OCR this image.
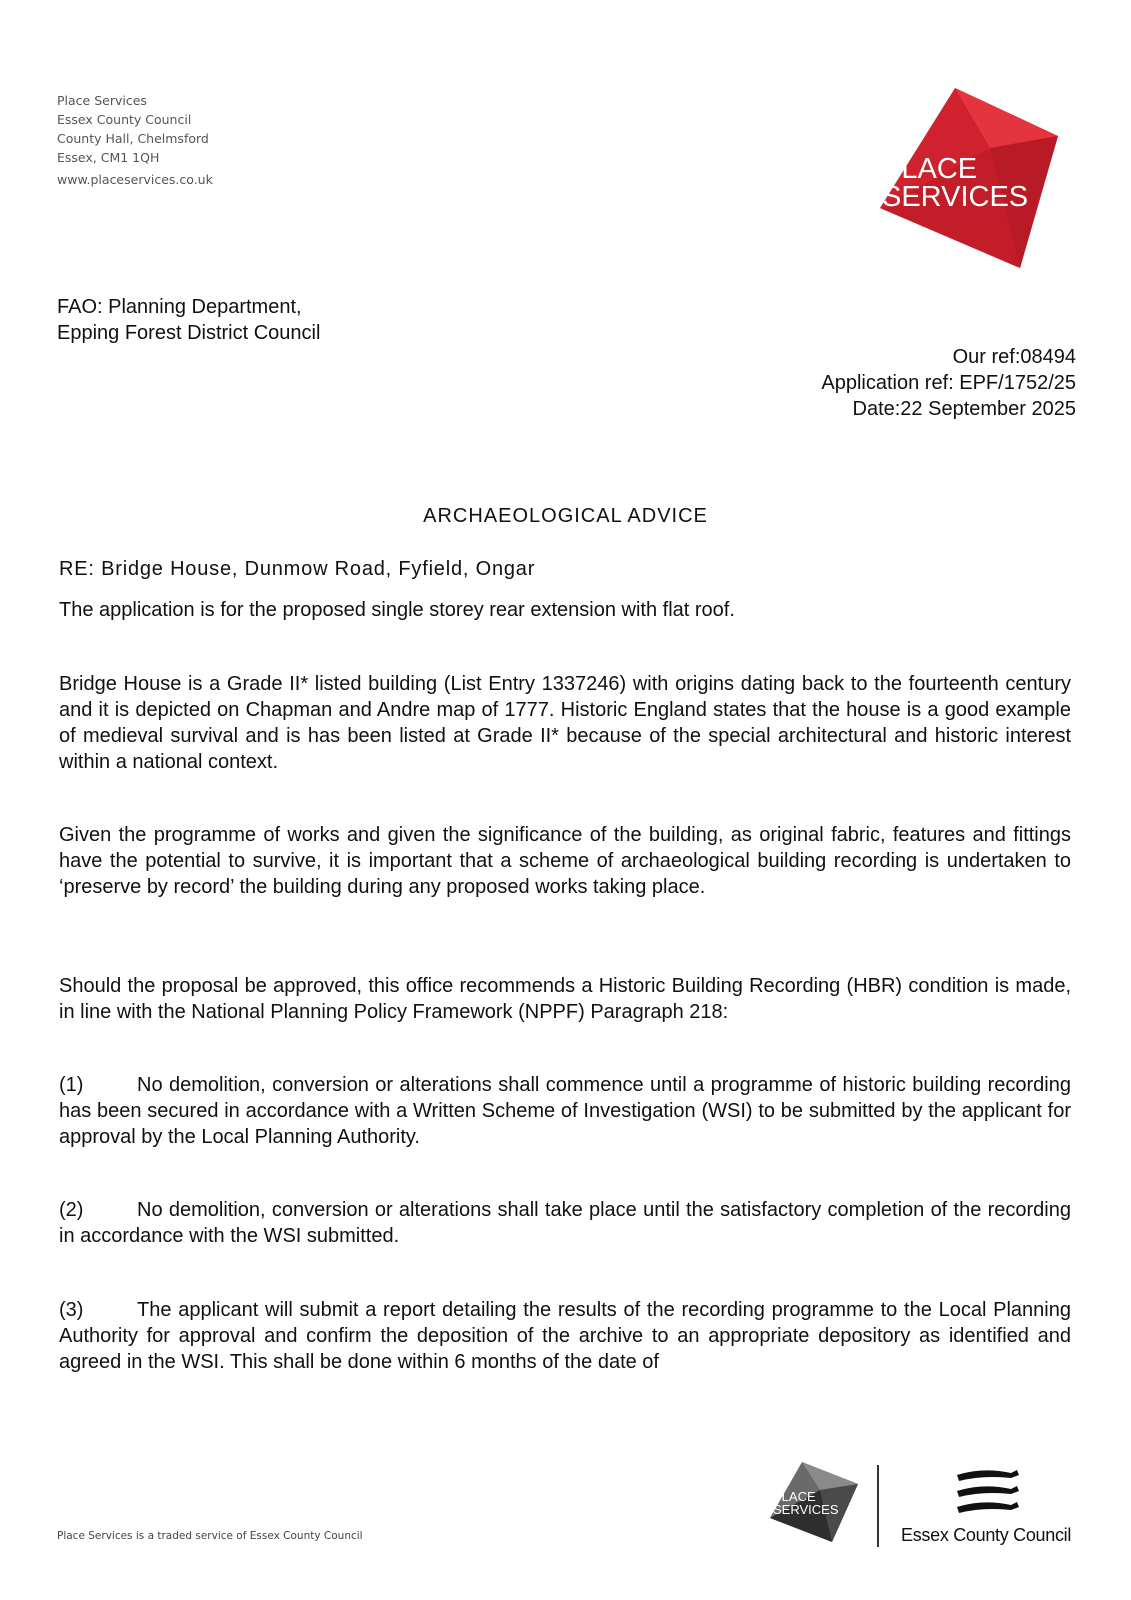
Place Services
Essex County Council
County Hall, Chelmsford
Essex, CM1 1QH
www.placeservices.co.uk	PLACE
SERVICES
FAO: Planning Department,
Epping Forest District Council
Our ref:08494
Application ref: EPF/1752/25
Date:22 September 2025
ARCHAEOLOGICAL ADVICE
RE: Bridge House, Dunmow Road, Fyfield, Ongar
The application is for the proposed single storey rear extension with flat roof.
Bridge House is a Grade II* listed building (List Entry 1337246) with origins dating back to the fourteenth century and it is depicted on Chapman and Andre map of 1777. Historic England states that the house is a good example of medieval survival and is has been listed at Grade II* because of the special architectural and historic interest within a national context.
Given the programme of works and given the significance of the building, as original fabric, features and fittings have the potential to survive, it is important that a scheme of archaeological building recording is undertaken to ‘preserve by record’ the building during any proposed works taking place.
Should the proposal be approved, this office recommends a Historic Building Recording (HBR) condition is made, in line with the National Planning Policy Framework (NPPF) Paragraph 218:
(1)	No demolition, conversion or alterations shall commence until a programme of historic building recording has been secured in accordance with a Written Scheme of Investigation (WSI) to be submitted by the applicant for approval by the Local Planning Authority.
(2)	No demolition, conversion or alterations shall take place until the satisfactory completion of the recording in accordance with the WSI submitted.
(3)	The applicant will submit a report detailing the results of the recording programme to the Local Planning Authority for approval and confirm the deposition of the archive to an appropriate depository as identified and agreed in the WSI. This shall be done within 6 months of the date of
Place Services is a traded service of Essex County Council
PLACE
SERVICES
Essex County Council
